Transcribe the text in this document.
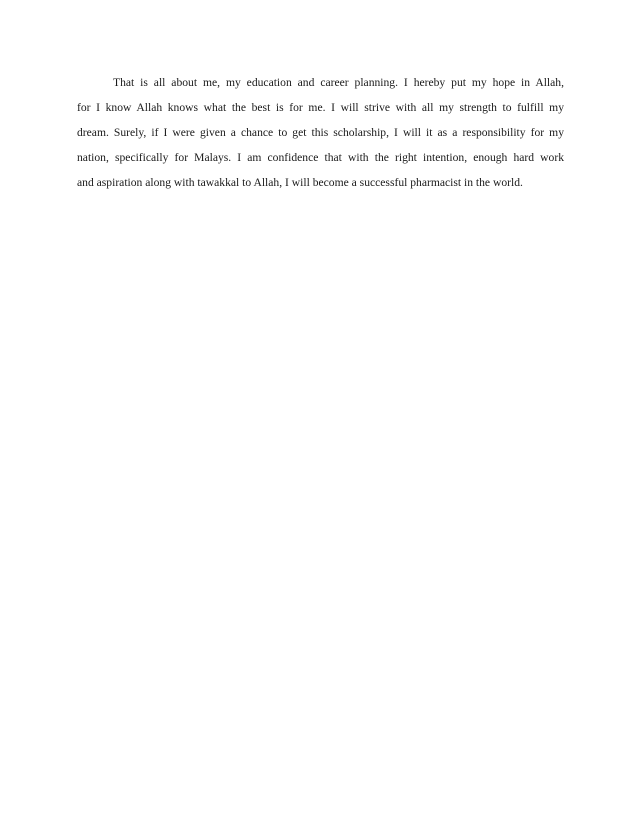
That is all about me, my education and career planning. I hereby put my hope in Allah,
for I know Allah knows what the best is for me. I will strive with all my strength to fulfill my
dream. Surely, if I were given a chance to get this scholarship, I will it as a responsibility for my
nation, specifically for Malays. I am confidence that with the right intention, enough hard work
and aspiration along with tawakkal to Allah, I will become a successful pharmacist in the world.
